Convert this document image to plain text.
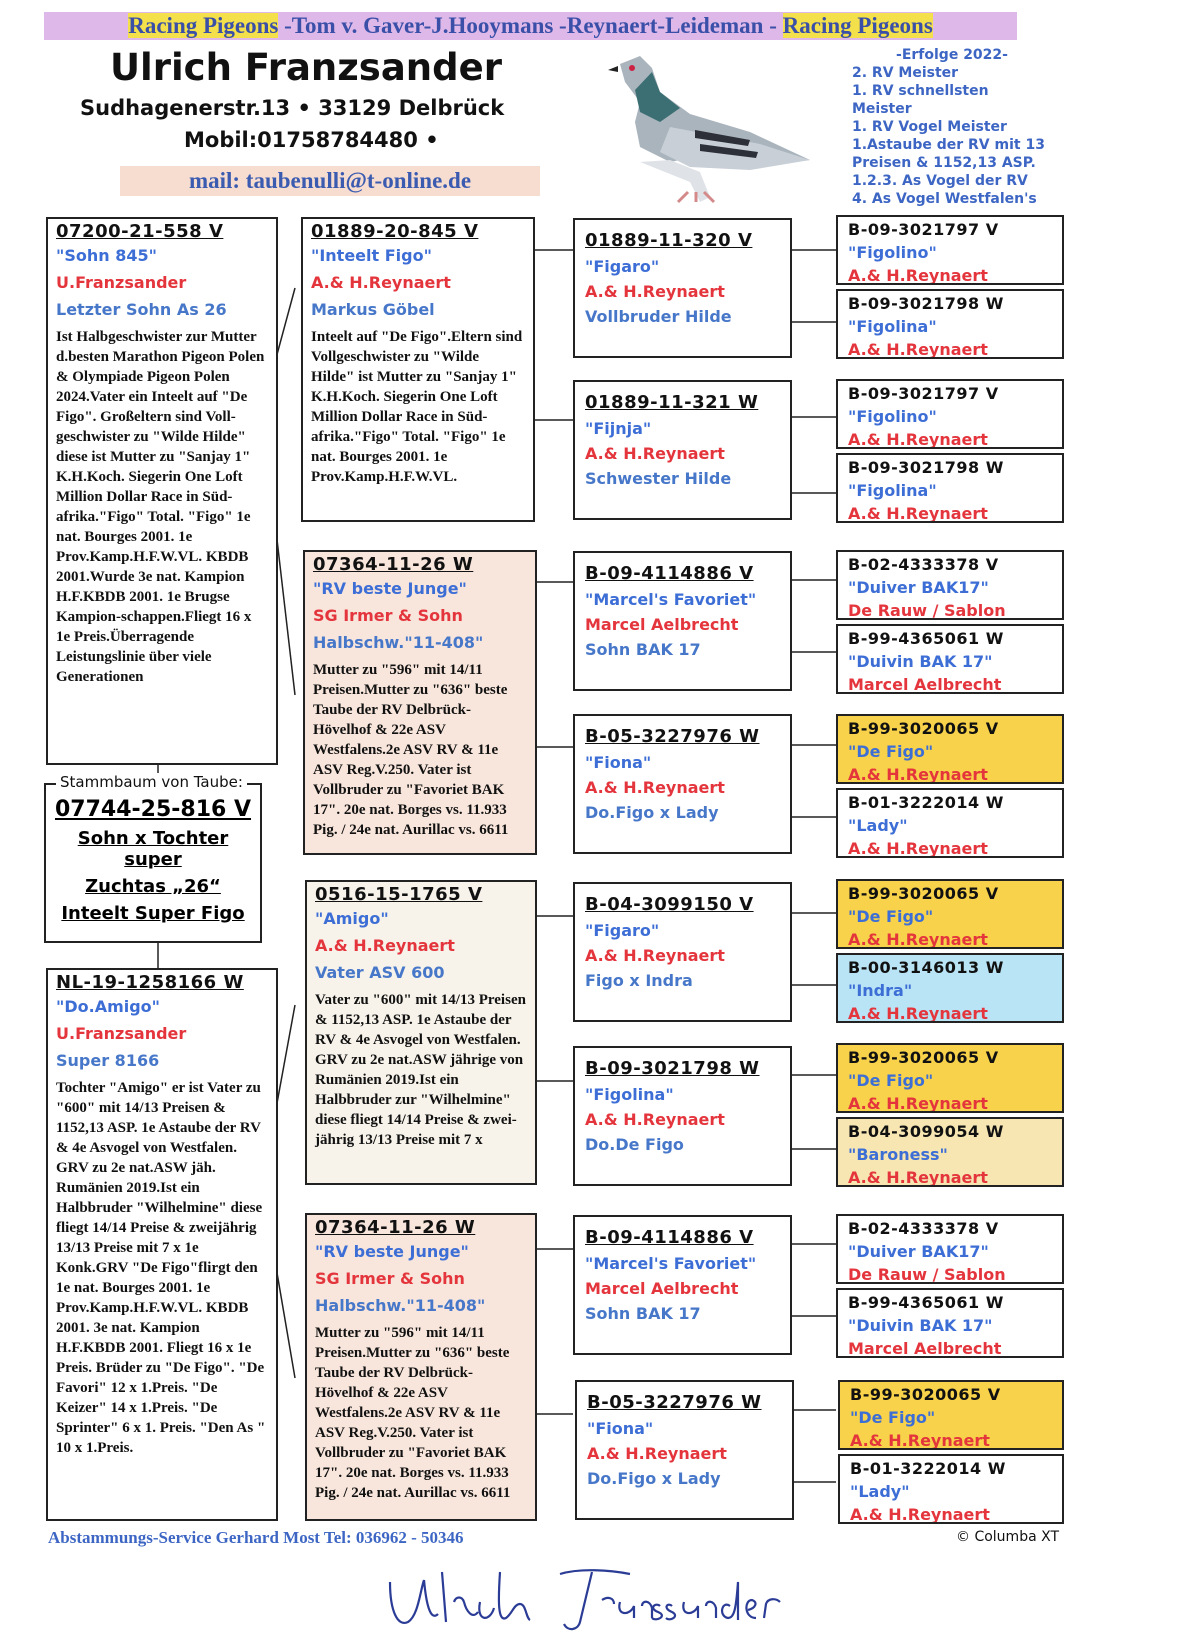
Racing Pigeons -Tom v. Gaver-J.Hooymans -Reynaert-Leideman - Racing Pigeons
Ulrich Franzsander
Sudhagenerstr.13 • 33129 Delbrück
Mobil:01758784480 •
mail: taubenulli@t-online.de
-Erfolge 2022-
2. RV Meister
1. RV schnellsten Meister
1. RV Vogel Meister
1.Astaube der RV mit 13
Preisen & 1152,13 ASP.
1.2.3. As Vogel der RV
4. As Vogel Westfalen's
07200-21-558 V
"Sohn 845"
U.Franzsander
Letzter Sohn As 26
Ist Halbgeschwister zur Mutter d.besten Marathon Pigeon Polen & Olympiade Pigeon Polen 2024.Vater ein Inteelt auf "De Figo". Großeltern sind Voll-geschwister zu "Wilde Hilde" diese ist Mutter zu "Sanjay 1" K.H.Koch. Siegerin One Loft Million Dollar Race in Süd-afrika."Figo" Total. "Figo" 1e nat. Bourges 2001. 1e Prov.Kamp.H.F.W.VL. KBDB 2001.Wurde 3e nat. Kampion H.F.KBDB 2001. 1e Brugse Kampion-schappen.Fliegt 16 x 1e Preis.Überragende Leistungslinie über viele Generationen
Stammbaum von Taube:
07744-25-816 V
Sohn x Tochter super
Zuchtas „26“
Inteelt Super Figo
NL-19-1258166 W
"Do.Amigo"
U.Franzsander
Super 8166
Tochter "Amigo" er ist Vater zu "600" mit 14/13 Preisen & 1152,13 ASP. 1e Astaube der RV & 4e Asvogel von Westfalen. GRV zu 2e nat.ASW jäh. Rumänien 2019.Ist ein Halbbruder "Wilhelmine" diese fliegt 14/14 Preise & zweijährig 13/13 Preise mit 7 x 1e Konk.GRV "De Figo"flirgt den 1e nat. Bourges 2001. 1e Prov.Kamp.H.F.W.VL. KBDB 2001. 3e nat. Kampion H.F.KBDB 2001. Fliegt 16 x 1e Preis. Brüder zu "De Figo". "De Favori" 12 x 1.Preis. "De Keizer" 14 x 1.Preis. "De Sprinter" 6 x 1. Preis. "Den As " 10 x 1.Preis.
01889-20-845 V
"Inteelt Figo"
A.& H.Reynaert
Markus Göbel
Inteelt auf "De Figo".Eltern sind Vollgeschwister zu "Wilde Hilde" ist Mutter zu "Sanjay 1" K.H.Koch. Siegerin One Loft Million Dollar Race in Süd-afrika."Figo" Total. "Figo" 1e nat. Bourges 2001. 1e Prov.Kamp.H.F.W.VL.
07364-11-26 W
"RV beste Junge"
SG Irmer & Sohn
Halbschw."11-408"
Mutter zu "596" mit 14/11 Preisen.Mutter zu "636" beste Taube der RV Delbrück-Hövelhof & 22e ASV Westfalens.2e ASV RV & 11e ASV Reg.V.250. Vater ist Vollbruder zu "Favoriet BAK 17". 20e nat. Borges vs. 11.933 Pig. / 24e nat. Aurillac vs. 6611
0516-15-1765 V
"Amigo"
A.& H.Reynaert
Vater ASV 600
Vater zu "600" mit 14/13 Preisen & 1152,13 ASP. 1e Astaube der RV & 4e Asvogel von Westfalen. GRV zu 2e nat.ASW jährige von Rumänien 2019.Ist ein Halbbruder zur "Wilhelmine" diese fliegt 14/14 Preise & zwei-jährig 13/13 Preise mit 7 x
07364-11-26 W
"RV beste Junge"
SG Irmer & Sohn
Halbschw."11-408"
Mutter zu "596" mit 14/11 Preisen.Mutter zu "636" beste Taube der RV Delbrück-Hövelhof & 22e ASV Westfalens.2e ASV RV & 11e ASV Reg.V.250. Vater ist Vollbruder zu "Favoriet BAK 17". 20e nat. Borges vs. 11.933 Pig. / 24e nat. Aurillac vs. 6611
01889-11-320 V
"Figaro"
A.& H.Reynaert
Vollbruder Hilde
01889-11-321 W
"Fijnja"
A.& H.Reynaert
Schwester Hilde
B-09-4114886 V
"Marcel's Favoriet"
Marcel Aelbrecht
Sohn BAK 17
B-05-3227976 W
"Fiona"
A.& H.Reynaert
Do.Figo x Lady
B-04-3099150 V
"Figaro"
A.& H.Reynaert
Figo x Indra
B-09-3021798 W
"Figolina"
A.& H.Reynaert
Do.De Figo
B-09-4114886 V
"Marcel's Favoriet"
Marcel Aelbrecht
Sohn BAK 17
B-05-3227976 W
"Fiona"
A.& H.Reynaert
Do.Figo x Lady
B-09-3021797 V
"Figolino"
A.& H.Reynaert
B-09-3021798 W
"Figolina"
A.& H.Reynaert
B-09-3021797 V
"Figolino"
A.& H.Reynaert
B-09-3021798 W
"Figolina"
A.& H.Reynaert
B-02-4333378 V
"Duiver BAK17"
De Rauw / Sablon
B-99-4365061 W
"Duivin BAK 17"
Marcel Aelbrecht
B-99-3020065 V
"De Figo"
A.& H.Reynaert
B-01-3222014 W
"Lady"
A.& H.Reynaert
B-99-3020065 V
"De Figo"
A.& H.Reynaert
B-00-3146013 W
"Indra"
A.& H.Reynaert
B-99-3020065 V
"De Figo"
A.& H.Reynaert
B-04-3099054 W
"Baroness"
A.& H.Reynaert
B-02-4333378 V
"Duiver BAK17"
De Rauw / Sablon
B-99-4365061 W
"Duivin BAK 17"
Marcel Aelbrecht
B-99-3020065 V
"De Figo"
A.& H.Reynaert
B-01-3222014 W
"Lady"
A.& H.Reynaert
Abstammungs-Service Gerhard Most Tel: 036962 - 50346	© Columba XT
